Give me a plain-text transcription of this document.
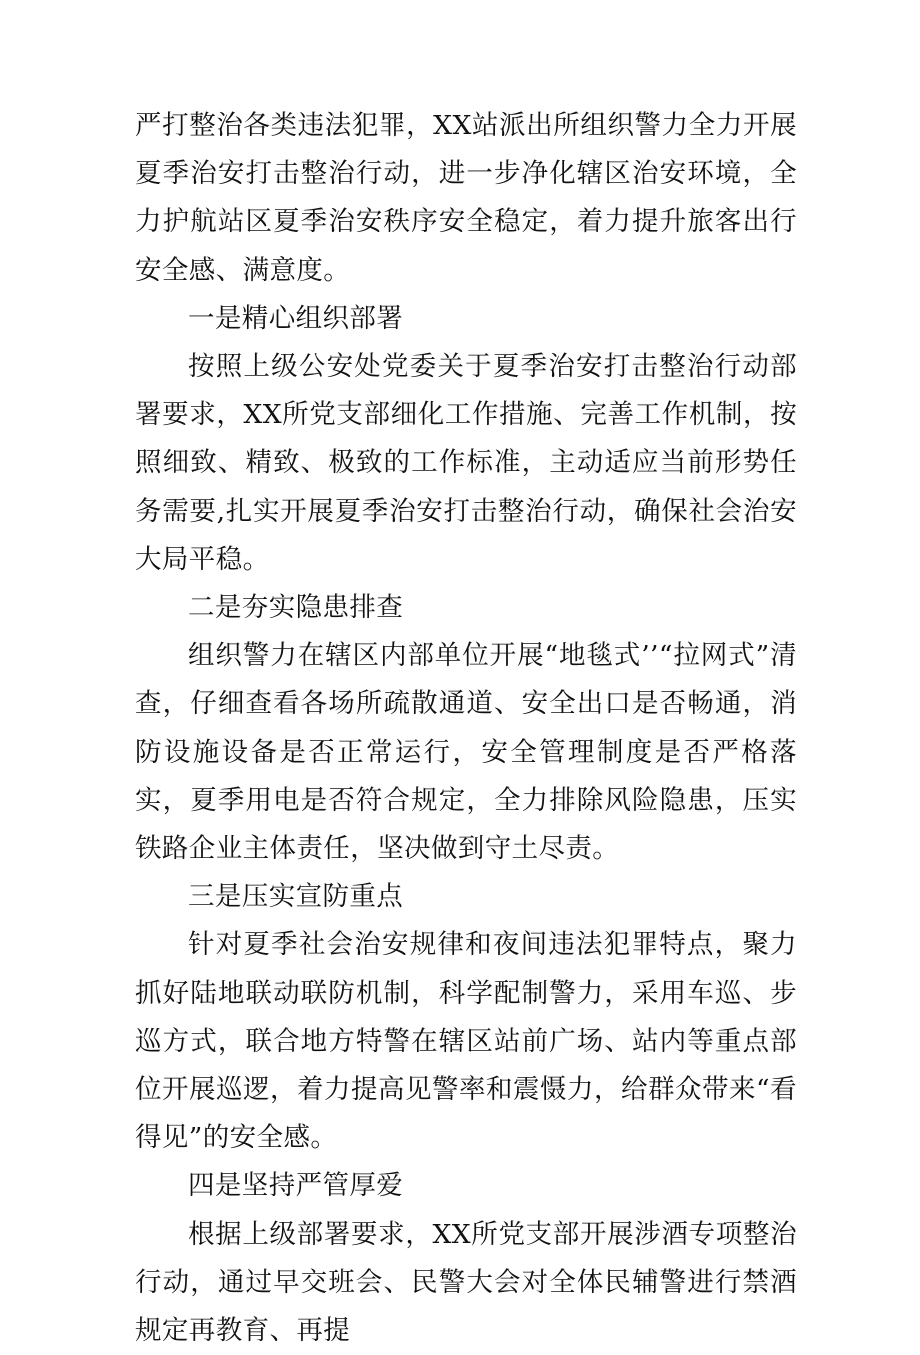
严打整治各类违法犯罪，XX站派出所组织警力全力开展夏季治安打击整治行动，进一步净化辖区治安环境，全力护航站区夏季治安秩序安全稳定，着力提升旅客出行安全感、满意度。

一是精心组织部署

按照上级公安处党委关于夏季治安打击整治行动部署要求，XX所党支部细化工作措施、完善工作机制，按照细致、精致、极致的工作标准，主动适应当前形势任务需要,扎实开展夏季治安打击整治行动，确保社会治安大局平稳。

二是夯实隐患排查

组织警力在辖区内部单位开展“地毯式’’“拉网式”清查，仔细查看各场所疏散通道、安全出口是否畅通，消防设施设备是否正常运行，安全管理制度是否严格落实，夏季用电是否符合规定，全力排除风险隐患，压实铁路企业主体责任，坚决做到守土尽责。

三是压实宣防重点

针对夏季社会治安规律和夜间违法犯罪特点，聚力抓好陆地联动联防机制，科学配制警力，采用车巡、步巡方式，联合地方特警在辖区站前广场、站内等重点部位开展巡逻，着力提高见警率和震慑力，给群众带来“看得见”的安全感。

四是坚持严管厚爱

根据上级部署要求，XX所党支部开展涉酒专项整治行动，通过早交班会、民警大会对全体民辅警进行禁酒规定再教育、再提
